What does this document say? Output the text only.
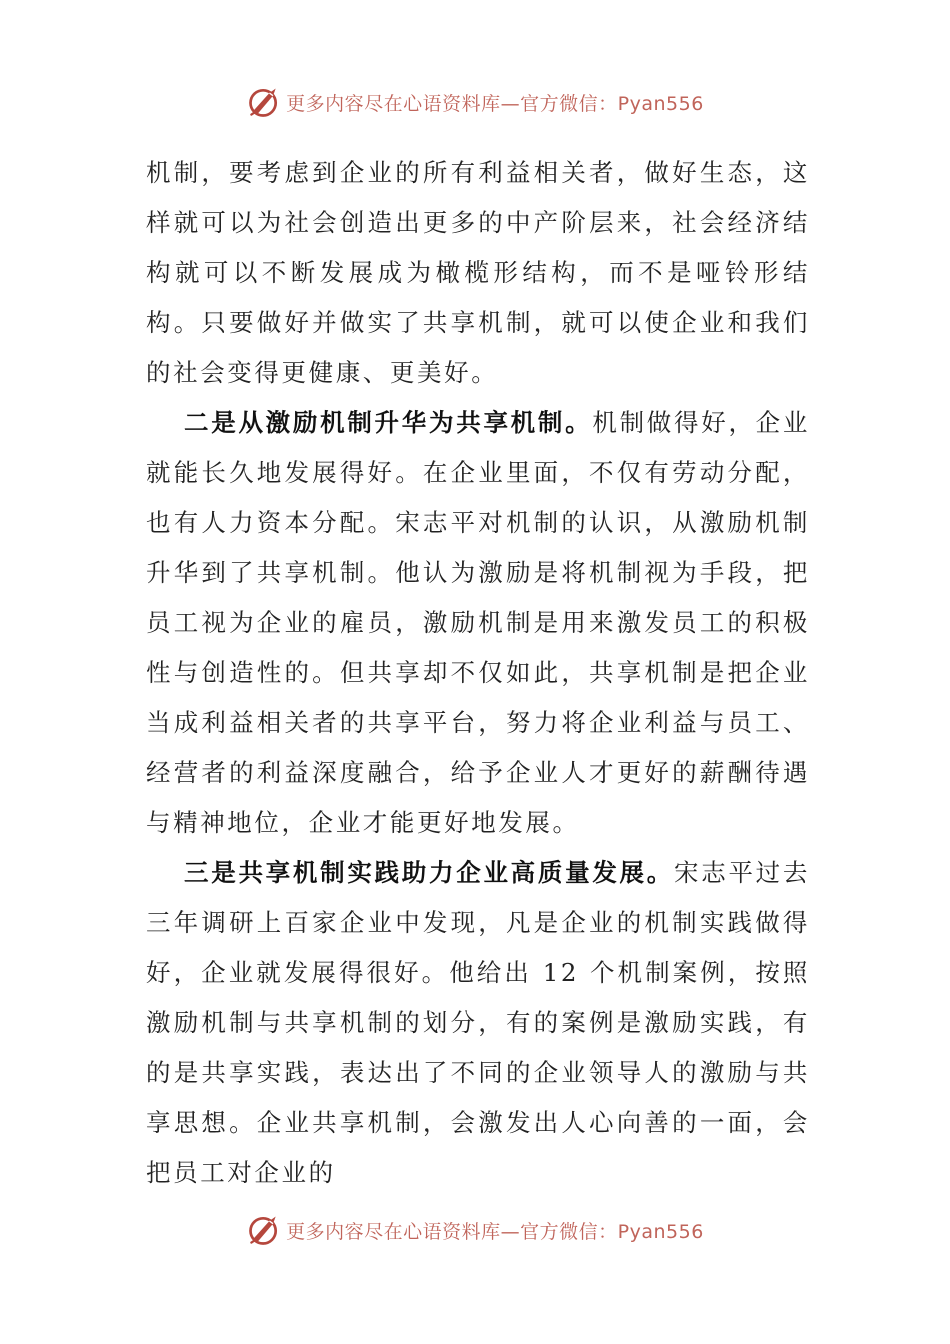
更多内容尽在心语资料库—官方微信：Pyan556

机制，要考虑到企业的所有利益相关者，做好生态，这样就可以为社会创造出更多的中产阶层来，社会经济结构就可以不断发展成为橄榄形结构，而不是哑铃形结构。只要做好并做实了共享机制，就可以使企业和我们的社会变得更健康、更美好。

二是从激励机制升华为共享机制。机制做得好，企业就能长久地发展得好。在企业里面，不仅有劳动分配，也有人力资本分配。宋志平对机制的认识，从激励机制升华到了共享机制。他认为激励是将机制视为手段，把员工视为企业的雇员，激励机制是用来激发员工的积极性与创造性的。但共享却不仅如此，共享机制是把企业当成利益相关者的共享平台，努力将企业利益与员工、经营者的利益深度融合，给予企业人才更好的薪酬待遇与精神地位，企业才能更好地发展。

三是共享机制实践助力企业高质量发展。宋志平过去三年调研上百家企业中发现，凡是企业的机制实践做得好，企业就发展得很好。他给出 12 个机制案例，按照激励机制与共享机制的划分，有的案例是激励实践，有的是共享实践，表达出了不同的企业领导人的激励与共享思想。企业共享机制，会激发出人心向善的一面，会把员工对企业的

更多内容尽在心语资料库—官方微信：Pyan556
